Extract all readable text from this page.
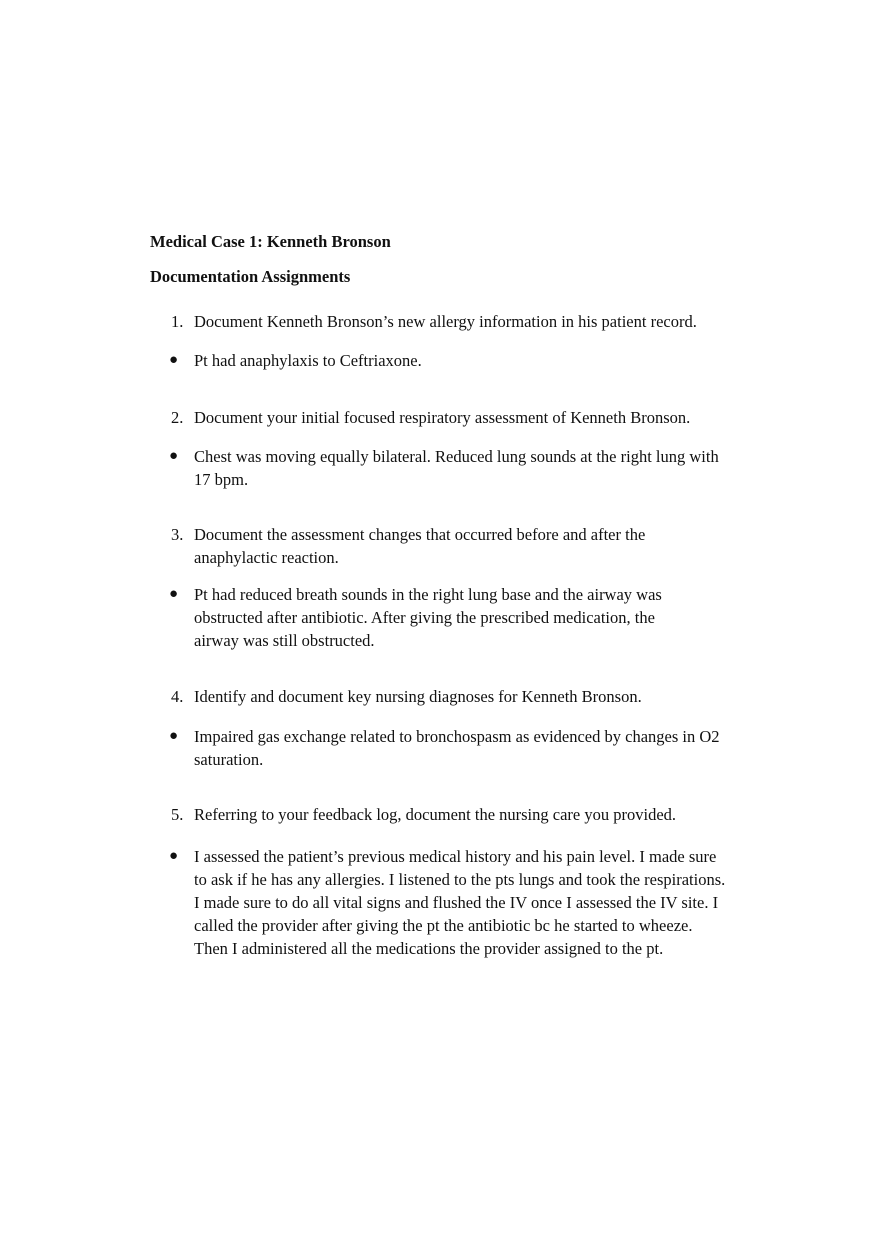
Medical Case 1: Kenneth Bronson
Documentation Assignments
1. Document Kenneth Bronson’s new allergy information in his patient record.
● Pt had anaphylaxis to Ceftriaxone.
2. Document your initial focused respiratory assessment of Kenneth Bronson.
● Chest was moving equally bilateral. Reduced lung sounds at the right lung with 17 bpm.
3. Document the assessment changes that occurred before and after the anaphylactic reaction.
● Pt had reduced breath sounds in the right lung base and the airway was obstructed after antibiotic. After giving the prescribed medication, the airway was still obstructed.
4. Identify and document key nursing diagnoses for Kenneth Bronson.
● Impaired gas exchange related to bronchospasm as evidenced by changes in O2 saturation.
5. Referring to your feedback log, document the nursing care you provided.
● I assessed the patient’s previous medical history and his pain level. I made sure to ask if he has any allergies. I listened to the pts lungs and took the respirations. I made sure to do all vital signs and flushed the IV once I assessed the IV site. I called the provider after giving the pt the antibiotic bc he started to wheeze. Then I administered all the medications the provider assigned to the pt.
